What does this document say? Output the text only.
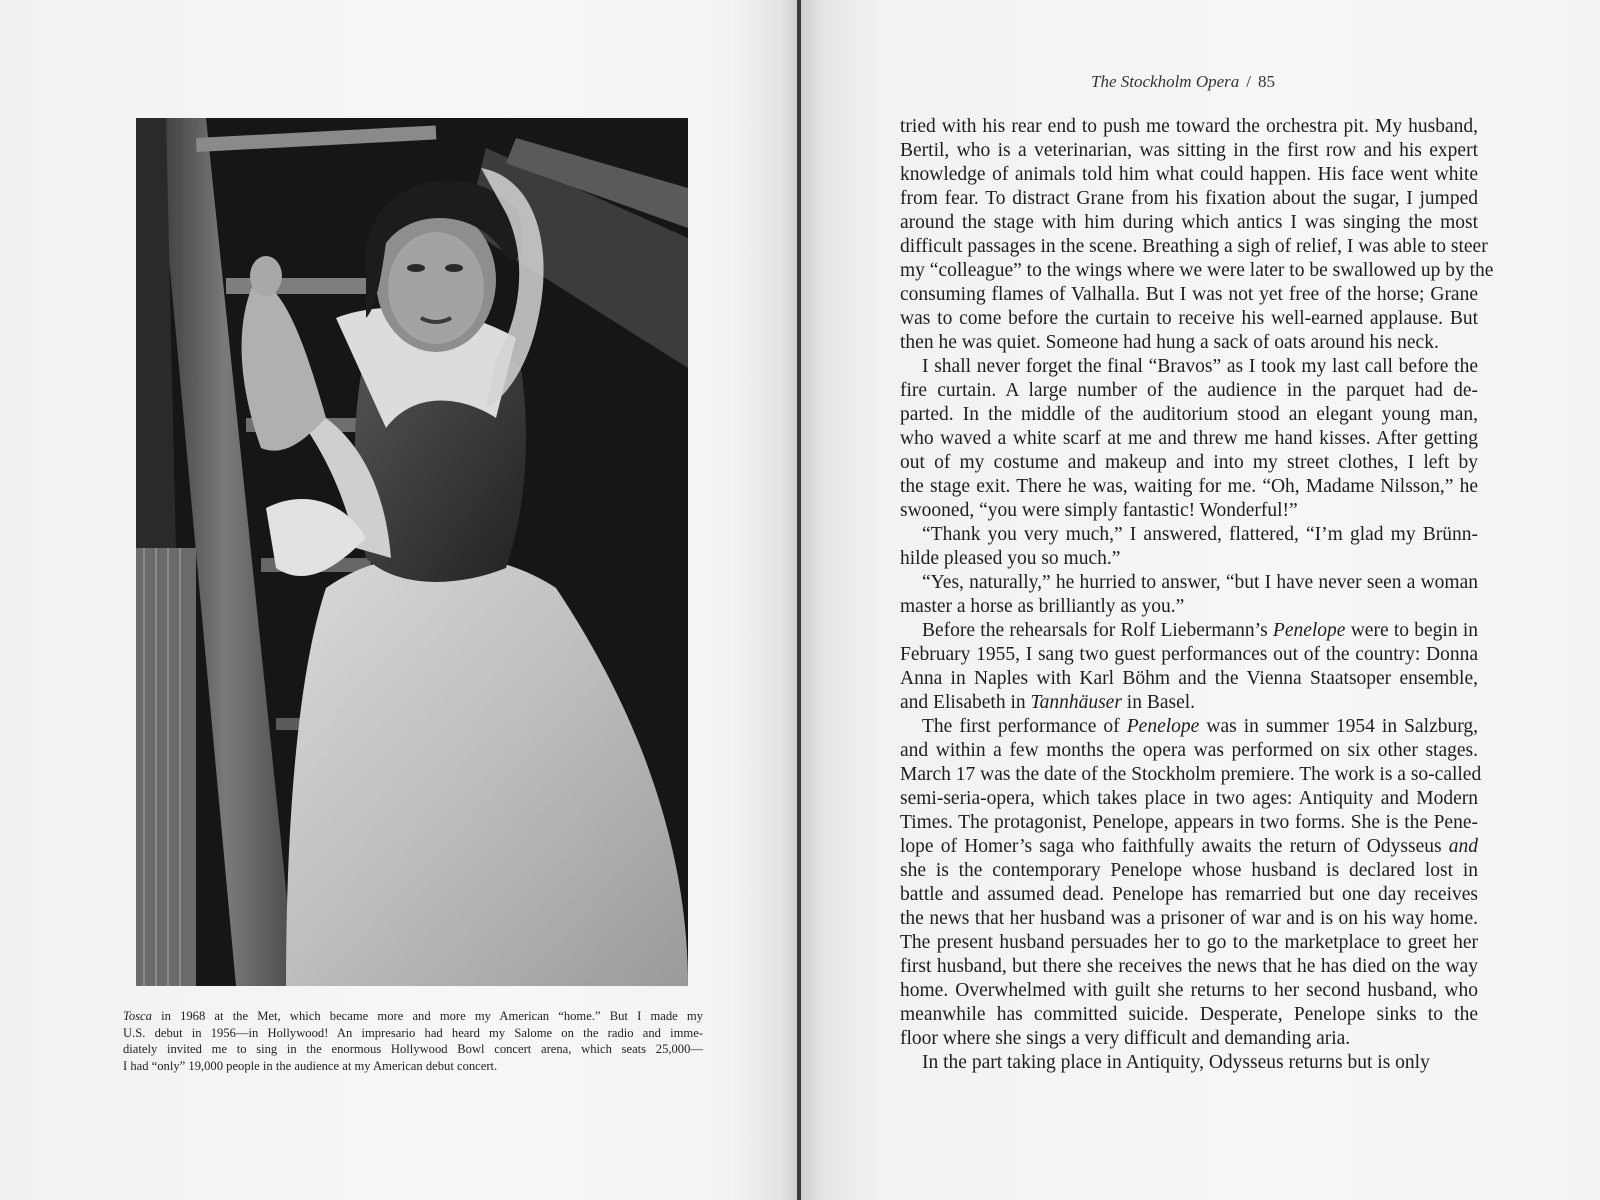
Tosca in 1968 at the Met, which became more and more my American “home.” But I made my
U.S. debut in 1956—in Hollywood! An impresario had heard my Salome on the radio and imme-
diately invited me to sing in the enormous Hollywood Bowl concert arena, which seats 25,000—
I had “only” 19,000 people in the audience at my American debut concert.
The Stockholm Opera / 85
tried with his rear end to push me toward the orchestra pit. My husband,
Bertil, who is a veterinarian, was sitting in the first row and his expert
knowledge of animals told him what could happen. His face went white
from fear. To distract Grane from his fixation about the sugar, I jumped
around the stage with him during which antics I was singing the most
difficult passages in the scene. Breathing a sigh of relief, I was able to steer
my “colleague” to the wings where we were later to be swallowed up by the
consuming flames of Valhalla. But I was not yet free of the horse; Grane
was to come before the curtain to receive his well-earned applause. But
then he was quiet. Someone had hung a sack of oats around his neck.
I shall never forget the final “Bravos” as I took my last call before the
fire curtain. A large number of the audience in the parquet had de-
parted. In the middle of the auditorium stood an elegant young man,
who waved a white scarf at me and threw me hand kisses. After getting
out of my costume and makeup and into my street clothes, I left by
the stage exit. There he was, waiting for me. “Oh, Madame Nilsson,” he
swooned, “you were simply fantastic! Wonderful!”
“Thank you very much,” I answered, flattered, “I’m glad my Brünn-
hilde pleased you so much.”
“Yes, naturally,” he hurried to answer, “but I have never seen a woman
master a horse as brilliantly as you.”
Before the rehearsals for Rolf Liebermann’s Penelope were to begin in
February 1955, I sang two guest performances out of the country: Donna
Anna in Naples with Karl Böhm and the Vienna Staatsoper ensemble,
and Elisabeth in Tannhäuser in Basel.
The first performance of Penelope was in summer 1954 in Salzburg,
and within a few months the opera was performed on six other stages.
March 17 was the date of the Stockholm premiere. The work is a so-called
semi-seria-opera, which takes place in two ages: Antiquity and Modern
Times. The protagonist, Penelope, appears in two forms. She is the Pene-
lope of Homer’s saga who faithfully awaits the return of Odysseus and
she is the contemporary Penelope whose husband is declared lost in
battle and assumed dead. Penelope has remarried but one day receives
the news that her husband was a prisoner of war and is on his way home.
The present husband persuades her to go to the marketplace to greet her
first husband, but there she receives the news that he has died on the way
home. Overwhelmed with guilt she returns to her second husband, who
meanwhile has committed suicide. Desperate, Penelope sinks to the
floor where she sings a very difficult and demanding aria.
In the part taking place in Antiquity, Odysseus returns but is only
